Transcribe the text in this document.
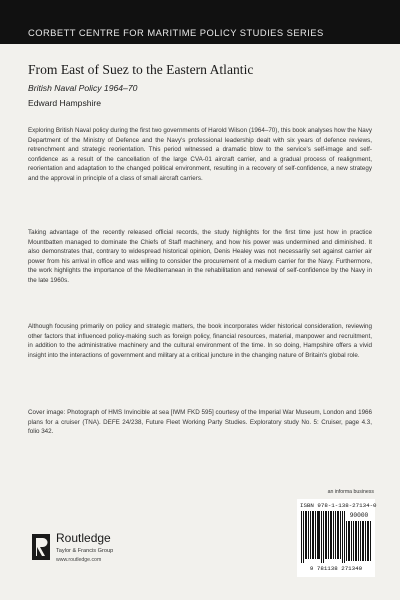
CORBETT CENTRE FOR MARITIME POLICY STUDIES SERIES
From East of Suez to the Eastern Atlantic
British Naval Policy 1964–70
Edward Hampshire

Exploring British Naval policy during the first two governments of Harold Wilson (1964–70), this book analyses how the Navy Department of the Ministry of Defence and the Navy's professional leadership dealt with six years of defence reviews, retrenchment and strategic reorientation. This period witnessed a dramatic blow to the service's self-image and self-confidence as a result of the cancellation of the large CVA-01 aircraft carrier, and a gradual process of realignment, reorientation and adaptation to the changed political environment, resulting in a recovery of self-confidence, a new strategy and the approval in principle of a class of small aircraft carriers.

Taking advantage of the recently released official records, the study highlights for the first time just how in practice Mountbatten managed to dominate the Chiefs of Staff machinery, and how his power was undermined and diminished. It also demonstrates that, contrary to widespread historical opinion, Denis Healey was not necessarily set against carrier air power from his arrival in office and was willing to consider the procurement of a medium carrier for the Navy. Furthermore, the work highlights the importance of the Mediterranean in the rehabilitation and renewal of self-confidence by the Navy in the late 1960s.

Although focusing primarily on policy and strategic matters, the book incorporates wider historical consideration, reviewing other factors that influenced policy-making such as foreign policy, financial resources, material, manpower and recruitment, in addition to the administrative machinery and the cultural environment of the time. In so doing, Hampshire offers a vivid insight into the interactions of government and military at a critical juncture in the changing nature of Britain's global role.

Cover image: Photograph of HMS Invincible at sea [IWM FKD 595] courtesy of the Imperial War Museum, London and 1966 plans for a cruiser (TNA). DEFE 24/238, Future Fleet Working Party Studies. Exploratory study No. 5: Cruiser, page 4.3, folio 342.

an informa business
ISBN 978-1-138-27134-0
90000
9 781138 271340
Routledge
Taylor & Francis Group
www.routledge.com
